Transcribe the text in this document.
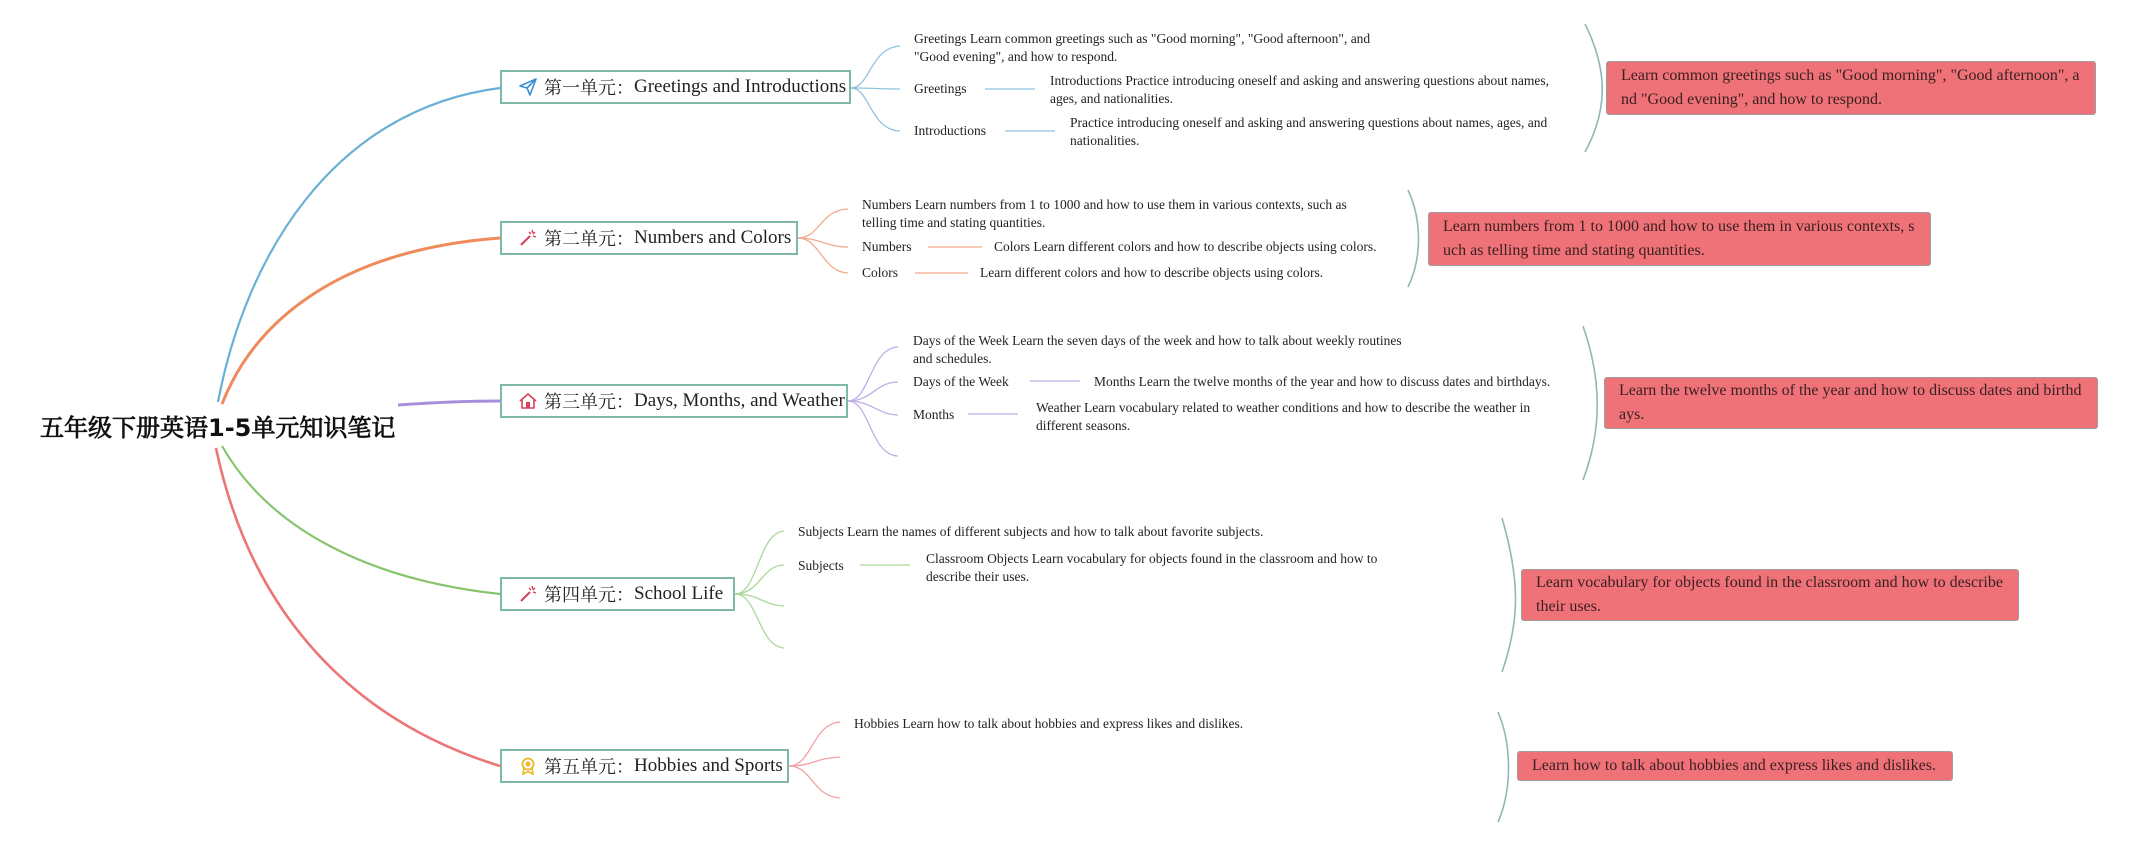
五年级下册英语1-5单元知识笔记
第一单元： Greetings and Introductions
Greetings Learn common greetings such as "Good morning", "Good afternoon", and "Good evening", and how to respond.
Greetings
Introductions Practice introducing oneself and asking and answering questions about names, ages, and nationalities.
Introductions
Practice introducing oneself and asking and answering questions about names, ages, and nationalities.
Learn common greetings such as "Good morning", "Good afternoon", and "Good evening", and how to respond.
第二单元： Numbers and Colors
Numbers Learn numbers from 1 to 1000 and how to use them in various contexts, such as telling time and stating quantities.
Numbers	Colors Learn different colors and how to describe objects using colors.
Colors	Learn different colors and how to describe objects using colors.
Learn numbers from 1 to 1000 and how to use them in various contexts, such as telling time and stating quantities.
第三单元： Days, Months, and Weather
Days of the Week Learn the seven days of the week and how to talk about weekly routines and schedules.
Days of the Week	Months Learn the twelve months of the year and how to discuss dates and birthdays.
Months	Weather Learn vocabulary related to weather conditions and how to describe the weather in different seasons.
Learn the twelve months of the year and how to discuss dates and birthdays.
第四单元： School Life
Subjects Learn the names of different subjects and how to talk about favorite subjects.
Subjects	Classroom Objects Learn vocabulary for objects found in the classroom and how to describe their uses.	Learn vocabulary for objects found in the classroom and how to describe their uses.
第五单元： Hobbies and Sports
Hobbies Learn how to talk about hobbies and express likes and dislikes.
Learn how to talk about hobbies and express likes and dislikes.
